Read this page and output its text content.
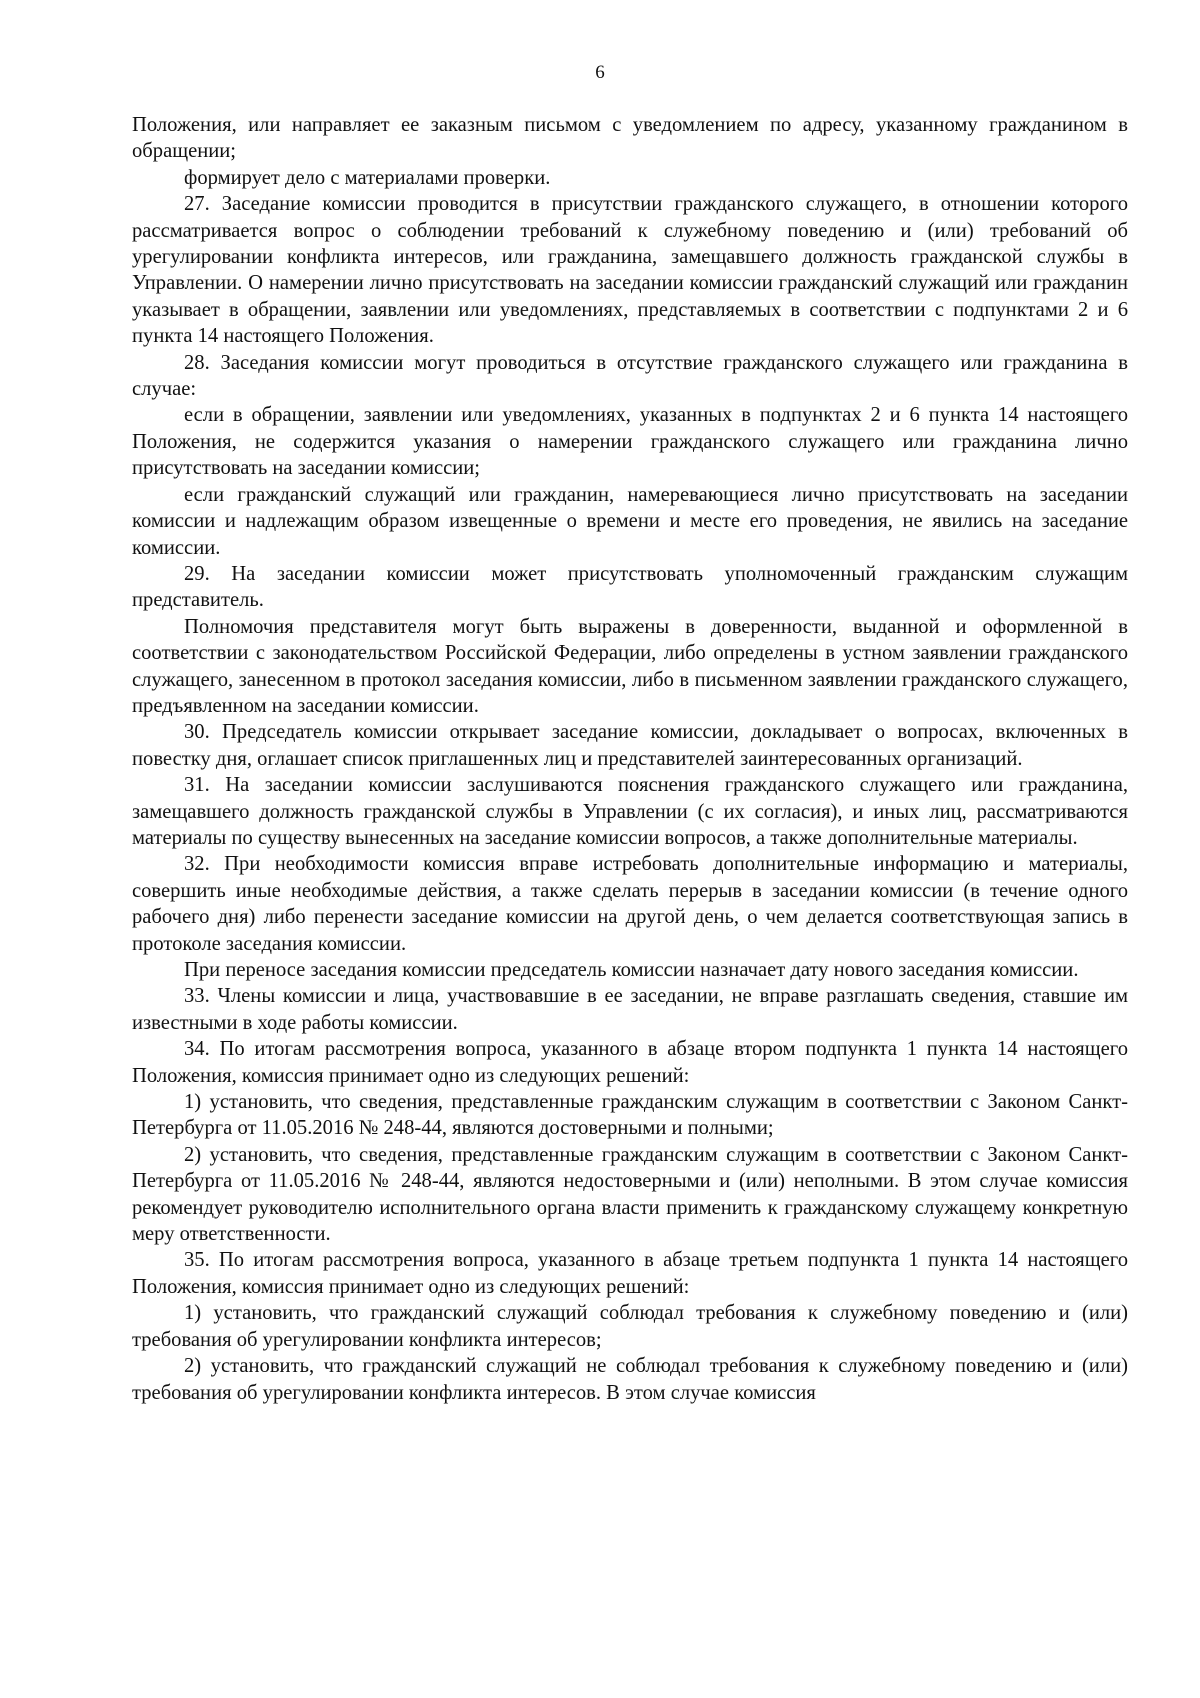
6

Положения, или направляет ее заказным письмом с уведомлением по адресу, указанному гражданином в обращении;

формирует дело с материалами проверки.

27. Заседание комиссии проводится в присутствии гражданского служащего, в отношении которого рассматривается вопрос о соблюдении требований к служебному поведению и (или) требований об урегулировании конфликта интересов, или гражданина, замещавшего должность гражданской службы в Управлении. О намерении лично присутствовать на заседании комиссии гражданский служащий или гражданин указывает в обращении, заявлении или уведомлениях, представляемых в соответствии с подпунктами 2 и 6 пункта 14 настоящего Положения.

28. Заседания комиссии могут проводиться в отсутствие гражданского служащего или гражданина в случае:

если в обращении, заявлении или уведомлениях, указанных в подпунктах 2 и 6 пункта 14 настоящего Положения, не содержится указания о намерении гражданского служащего или гражданина лично присутствовать на заседании комиссии;

если гражданский служащий или гражданин, намеревающиеся лично присутствовать на заседании комиссии и надлежащим образом извещенные о времени и месте его проведения, не явились на заседание комиссии.

29. На заседании комиссии может присутствовать уполномоченный гражданским служащим представитель.

Полномочия представителя могут быть выражены в доверенности, выданной и оформленной в соответствии с законодательством Российской Федерации, либо определены в устном заявлении гражданского служащего, занесенном в протокол заседания комиссии, либо в письменном заявлении гражданского служащего, предъявленном на заседании комиссии.

30. Председатель комиссии открывает заседание комиссии, докладывает о вопросах, включенных в повестку дня, оглашает список приглашенных лиц и представителей заинтересованных организаций.

31. На заседании комиссии заслушиваются пояснения гражданского служащего или гражданина, замещавшего должность гражданской службы в Управлении (с их согласия), и иных лиц, рассматриваются материалы по существу вынесенных на заседание комиссии вопросов, а также дополнительные материалы.

32. При необходимости комиссия вправе истребовать дополнительные информацию и материалы, совершить иные необходимые действия, а также сделать перерыв в заседании комиссии (в течение одного рабочего дня) либо перенести заседание комиссии на другой день, о чем делается соответствующая запись в протоколе заседания комиссии.

При переносе заседания комиссии председатель комиссии назначает дату нового заседания комиссии.

33. Члены комиссии и лица, участвовавшие в ее заседании, не вправе разглашать сведения, ставшие им известными в ходе работы комиссии.

34. По итогам рассмотрения вопроса, указанного в абзаце втором подпункта 1 пункта 14 настоящего Положения, комиссия принимает одно из следующих решений:

1) установить, что сведения, представленные гражданским служащим в соответствии с Законом Санкт-Петербурга от 11.05.2016 № 248-44, являются достоверными и полными;

2) установить, что сведения, представленные гражданским служащим в соответствии с Законом Санкт-Петербурга от 11.05.2016 № 248-44, являются недостоверными и (или) неполными. В этом случае комиссия рекомендует руководителю исполнительного органа власти применить к гражданскому служащему конкретную меру ответственности.

35. По итогам рассмотрения вопроса, указанного в абзаце третьем подпункта 1 пункта 14 настоящего Положения, комиссия принимает одно из следующих решений:

1) установить, что гражданский служащий соблюдал требования к служебному поведению и (или) требования об урегулировании конфликта интересов;

2) установить, что гражданский служащий не соблюдал требования к служебному поведению и (или) требования об урегулировании конфликта интересов. В этом случае комиссия
